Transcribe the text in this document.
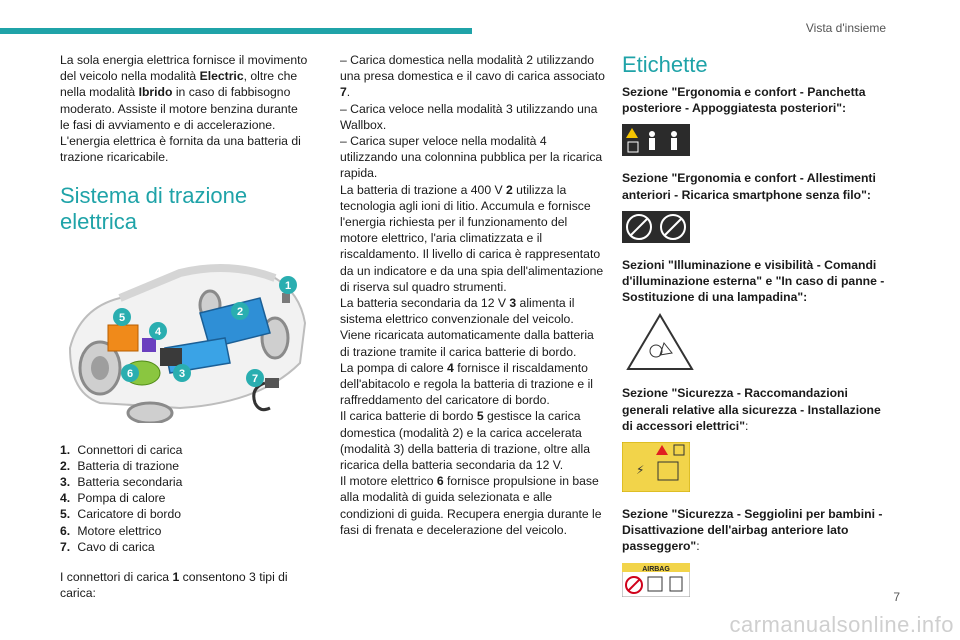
Vista d'insieme

La sola energia elettrica fornisce il movimento del veicolo nella modalità Electric, oltre che nella modalità Ibrido in caso di fabbisogno moderato. Assiste il motore benzina durante le fasi di avviamento e di accelerazione.

L'energia elettrica è fornita da una batteria di trazione ricaricabile.

Sistema di trazione elettrica
1
2
3
4
5
6	7
1. Connettori di carica
2. Batteria di trazione
3. Batteria secondaria
4. Pompa di calore
5. Caricatore di bordo
6. Motore elettrico
7. Cavo di carica

I connettori di carica 1 consentono 3 tipi di carica:

– Carica domestica nella modalità 2 utilizzando una presa domestica e il cavo di carica associato 7.

– Carica veloce nella modalità 3 utilizzando una Wallbox.

– Carica super veloce nella modalità 4 utilizzando una colonnina pubblica per la ricarica rapida.

La batteria di trazione a 400 V 2 utilizza la tecnologia agli ioni di litio. Accumula e fornisce l'energia richiesta per il funzionamento del motore elettrico, l'aria climatizzata e il riscaldamento. Il livello di carica è rappresentato da un indicatore e da una spia dell'alimentazione di riserva sul quadro strumenti.

La batteria secondaria da 12 V 3 alimenta il sistema elettrico convenzionale del veicolo. Viene ricaricata automaticamente dalla batteria di trazione tramite il carica batterie di bordo.

La pompa di calore 4 fornisce il riscaldamento dell'abitacolo e regola la batteria di trazione e il raffreddamento del caricatore di bordo.

Il carica batterie di bordo 5 gestisce la carica domestica (modalità 2) e la carica accelerata (modalità 3) della batteria di trazione, oltre alla ricarica della batteria secondaria da 12 V.

Il motore elettrico 6 fornisce propulsione in base alla modalità di guida selezionata e alle condizioni di guida. Recupera energia durante le fasi di frenata e decelerazione del veicolo.

Etichette

Sezione "Ergonomia e confort - Panchetta posteriore - Appoggiatesta posteriori":

Sezione "Ergonomia e confort - Allestimenti anteriori - Ricarica smartphone senza filo":

Sezioni "Illuminazione e visibilità - Comandi d'illuminazione esterna" e "In caso di panne - Sostituzione di una lampadina":

Sezione "Sicurezza - Raccomandazioni generali relative alla sicurezza - Installazione di accessori elettrici":

⚡

Sezione "Sicurezza - Seggiolini per bambini - Disattivazione dell'airbag anteriore lato passeggero":

AIRBAG
7
carmanualsonline.info
